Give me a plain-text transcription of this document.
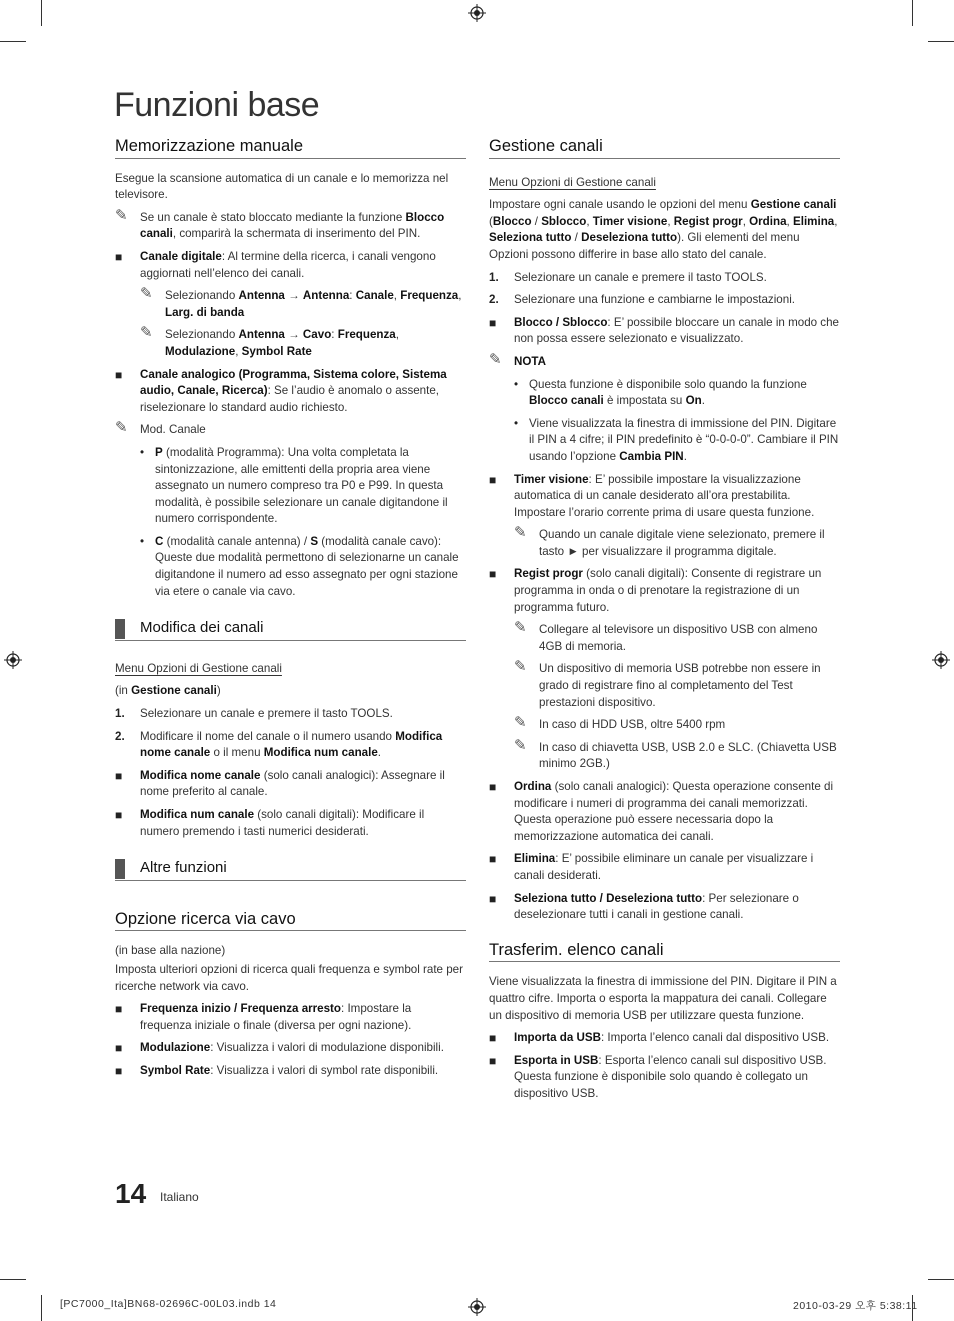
Funzioni base
Memorizzazione manuale

Esegue la scansione automatica di un canale e lo memorizza nel televisore.

✎ Se un canale è stato bloccato mediante la funzione Blocco canali, comparirà la schermata di inserimento del PIN.
■ Canale digitale: Al termine della ricerca, i canali vengono aggiornati nell’elenco dei canali.
✎ Selezionando Antenna → Antenna: Canale, Frequenza, Larg. di banda
✎ Selezionando Antenna → Cavo: Frequenza, Modulazione, Symbol Rate
■ Canale analogico (Programma, Sistema colore, Sistema audio, Canale, Ricerca): Se l’audio è anomalo o assente, riselezionare lo standard audio richiesto.
✎ Mod. Canale
• P (modalità Programma): Una volta completata la sintonizzazione, alle emittenti della propria area viene assegnato un numero compreso tra P0 e P99. In questa modalità, è possibile selezionare un canale digitandone il numero corrispondente.
• C (modalità canale antenna) / S (modalità canale cavo): Queste due modalità permettono di selezionarne un canale digitandone il numero ad esso assegnato per ogni stazione via etere o canale via cavo.
Modifica dei canali
Menu Opzioni di Gestione canali

(in Gestione canali)

1. Selezionare un canale e premere il tasto TOOLS.
2. Modificare il nome del canale o il numero usando Modifica nome canale o il menu Modifica num canale.
■ Modifica nome canale (solo canali analogici): Assegnare il nome preferito al canale.
■ Modifica num canale (solo canali digitali): Modificare il numero premendo i tasti numerici desiderati.
Altre funzioni
Opzione ricerca via cavo

(in base alla nazione)

Imposta ulteriori opzioni di ricerca quali frequenza e symbol rate per ricerche network via cavo.

■ Frequenza inizio / Frequenza arresto: Impostare la frequenza iniziale o finale (diversa per ogni nazione).
■ Modulazione: Visualizza i valori di modulazione disponibili.
■ Symbol Rate: Visualizza i valori di symbol rate disponibili.
Gestione canali
Menu Opzioni di Gestione canali

Impostare ogni canale usando le opzioni del menu Gestione canali (Blocco / Sblocco, Timer visione, Regist progr, Ordina, Elimina, Seleziona tutto / Deseleziona tutto). Gli elementi del menu Opzioni possono differire in base allo stato del canale.

1. Selezionare un canale e premere il tasto TOOLS.
2. Selezionare una funzione e cambiarne le impostazioni.
■ Blocco / Sblocco: E’ possibile bloccare un canale in modo che non possa essere selezionato e visualizzato.
✎ NOTA
• Questa funzione è disponibile solo quando la funzione Blocco canali è impostata su On.
• Viene visualizzata la finestra di immissione del PIN. Digitare il PIN a 4 cifre; il PIN predefinito è “0-0-0-0”. Cambiare il PIN usando l’opzione Cambia PIN.
■ Timer visione: E’ possibile impostare la visualizzazione automatica di un canale desiderato all’ora prestabilita. Impostare l’orario corrente prima di usare questa funzione.
✎ Quando un canale digitale viene selezionato, premere il tasto ► per visualizzare il programma digitale.
■ Regist progr (solo canali digitali): Consente di registrare un programma in onda o di prenotare la registrazione di un programma futuro.
✎ Collegare al televisore un dispositivo USB con almeno 4GB di memoria.
✎ Un dispositivo di memoria USB potrebbe non essere in grado di registrare fino al completamento del Test prestazioni dispositivo.
✎ In caso di HDD USB, oltre 5400 rpm
✎ In caso di chiavetta USB, USB 2.0 e SLC. (Chiavetta USB minimo 2GB.)
■ Ordina (solo canali analogici): Questa operazione consente di modificare i numeri di programma dei canali memorizzati. Questa operazione può essere necessaria dopo la memorizzazione automatica dei canali.
■ Elimina: E’ possibile eliminare un canale per visualizzare i canali desiderati.
■ Seleziona tutto / Deseleziona tutto: Per selezionare o deselezionare tutti i canali in gestione canali.
Trasferim. elenco canali

Viene visualizzata la finestra di immissione del PIN. Digitare il PIN a quattro cifre. Importa o esporta la mappatura dei canali. Collegare un dispositivo di memoria USB per utilizzare questa funzione.

■ Importa da USB: Importa l’elenco canali dal dispositivo USB.
■ Esporta in USB: Esporta l’elenco canali sul dispositivo USB. Questa funzione è disponibile solo quando è collegato un dispositivo USB.
14 Italiano
[PC7000_Ita]BN68-02696C-00L03.indb 14	2010-03-29 오후 5:38:11
